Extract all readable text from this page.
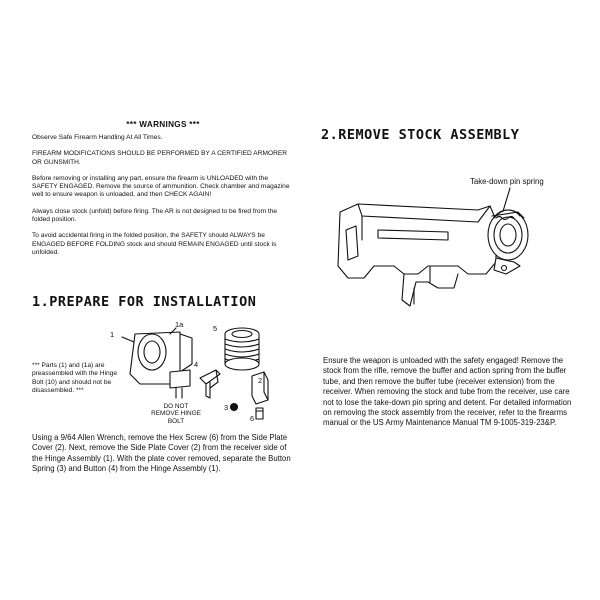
*** WARNINGS ***

Observe Safe Firearm Handling At All Times.

FIREARM MODIFICATIONS SHOULD BE PERFORMED BY A CERTIFIED ARMORER OR GUNSMITH.

Before removing or installing any part, ensure the firearm is UNLOADED with the SAFETY ENGAGED. Remove the source of ammunition. Check chamber and magazine well to ensure weapon is unloaded, and then CHECK AGAIN!

Always close stock (unfold) before firing. The AR is not designed to be fired from the folded position.

To avoid accidental firing in the folded position, the SAFETY should ALWAYS be ENGAGED BEFORE FOLDING stock and should REMAIN ENGAGED until stock is unfolded.

1.PREPARE FOR INSTALLATION
1
1a	5
2
4
3
6
DO NOT REMOVE HINGE BOLT
*** Parts (1) and (1a) are preassembled with the Hinge Bolt (10) and should not be disassembled. ***

Using a 9/64 Allen Wrench, remove the Hex Screw (6) from the Side Plate Cover (2). Next, remove the Side Plate Cover (2) from the receiver side of the Hinge Assembly (1). With the plate cover removed, separate the Button Spring (3) and Button (4) from the Hinge Assembly (1).

2.REMOVE STOCK ASSEMBLY
Take-down pin spring

Ensure the weapon is unloaded with the safety engaged! Remove the stock from the rifle, remove the buffer and action spring from the buffer tube, and then remove the buffer tube (receiver extension) from the receiver. When removing the stock and tube from the receiver, use care not to lose the take-down pin spring and detent. For detailed information on removing the stock assembly from the receiver, refer to the firearms manual or the US Army Maintenance Manual TM 9-1005-319-23&P.
